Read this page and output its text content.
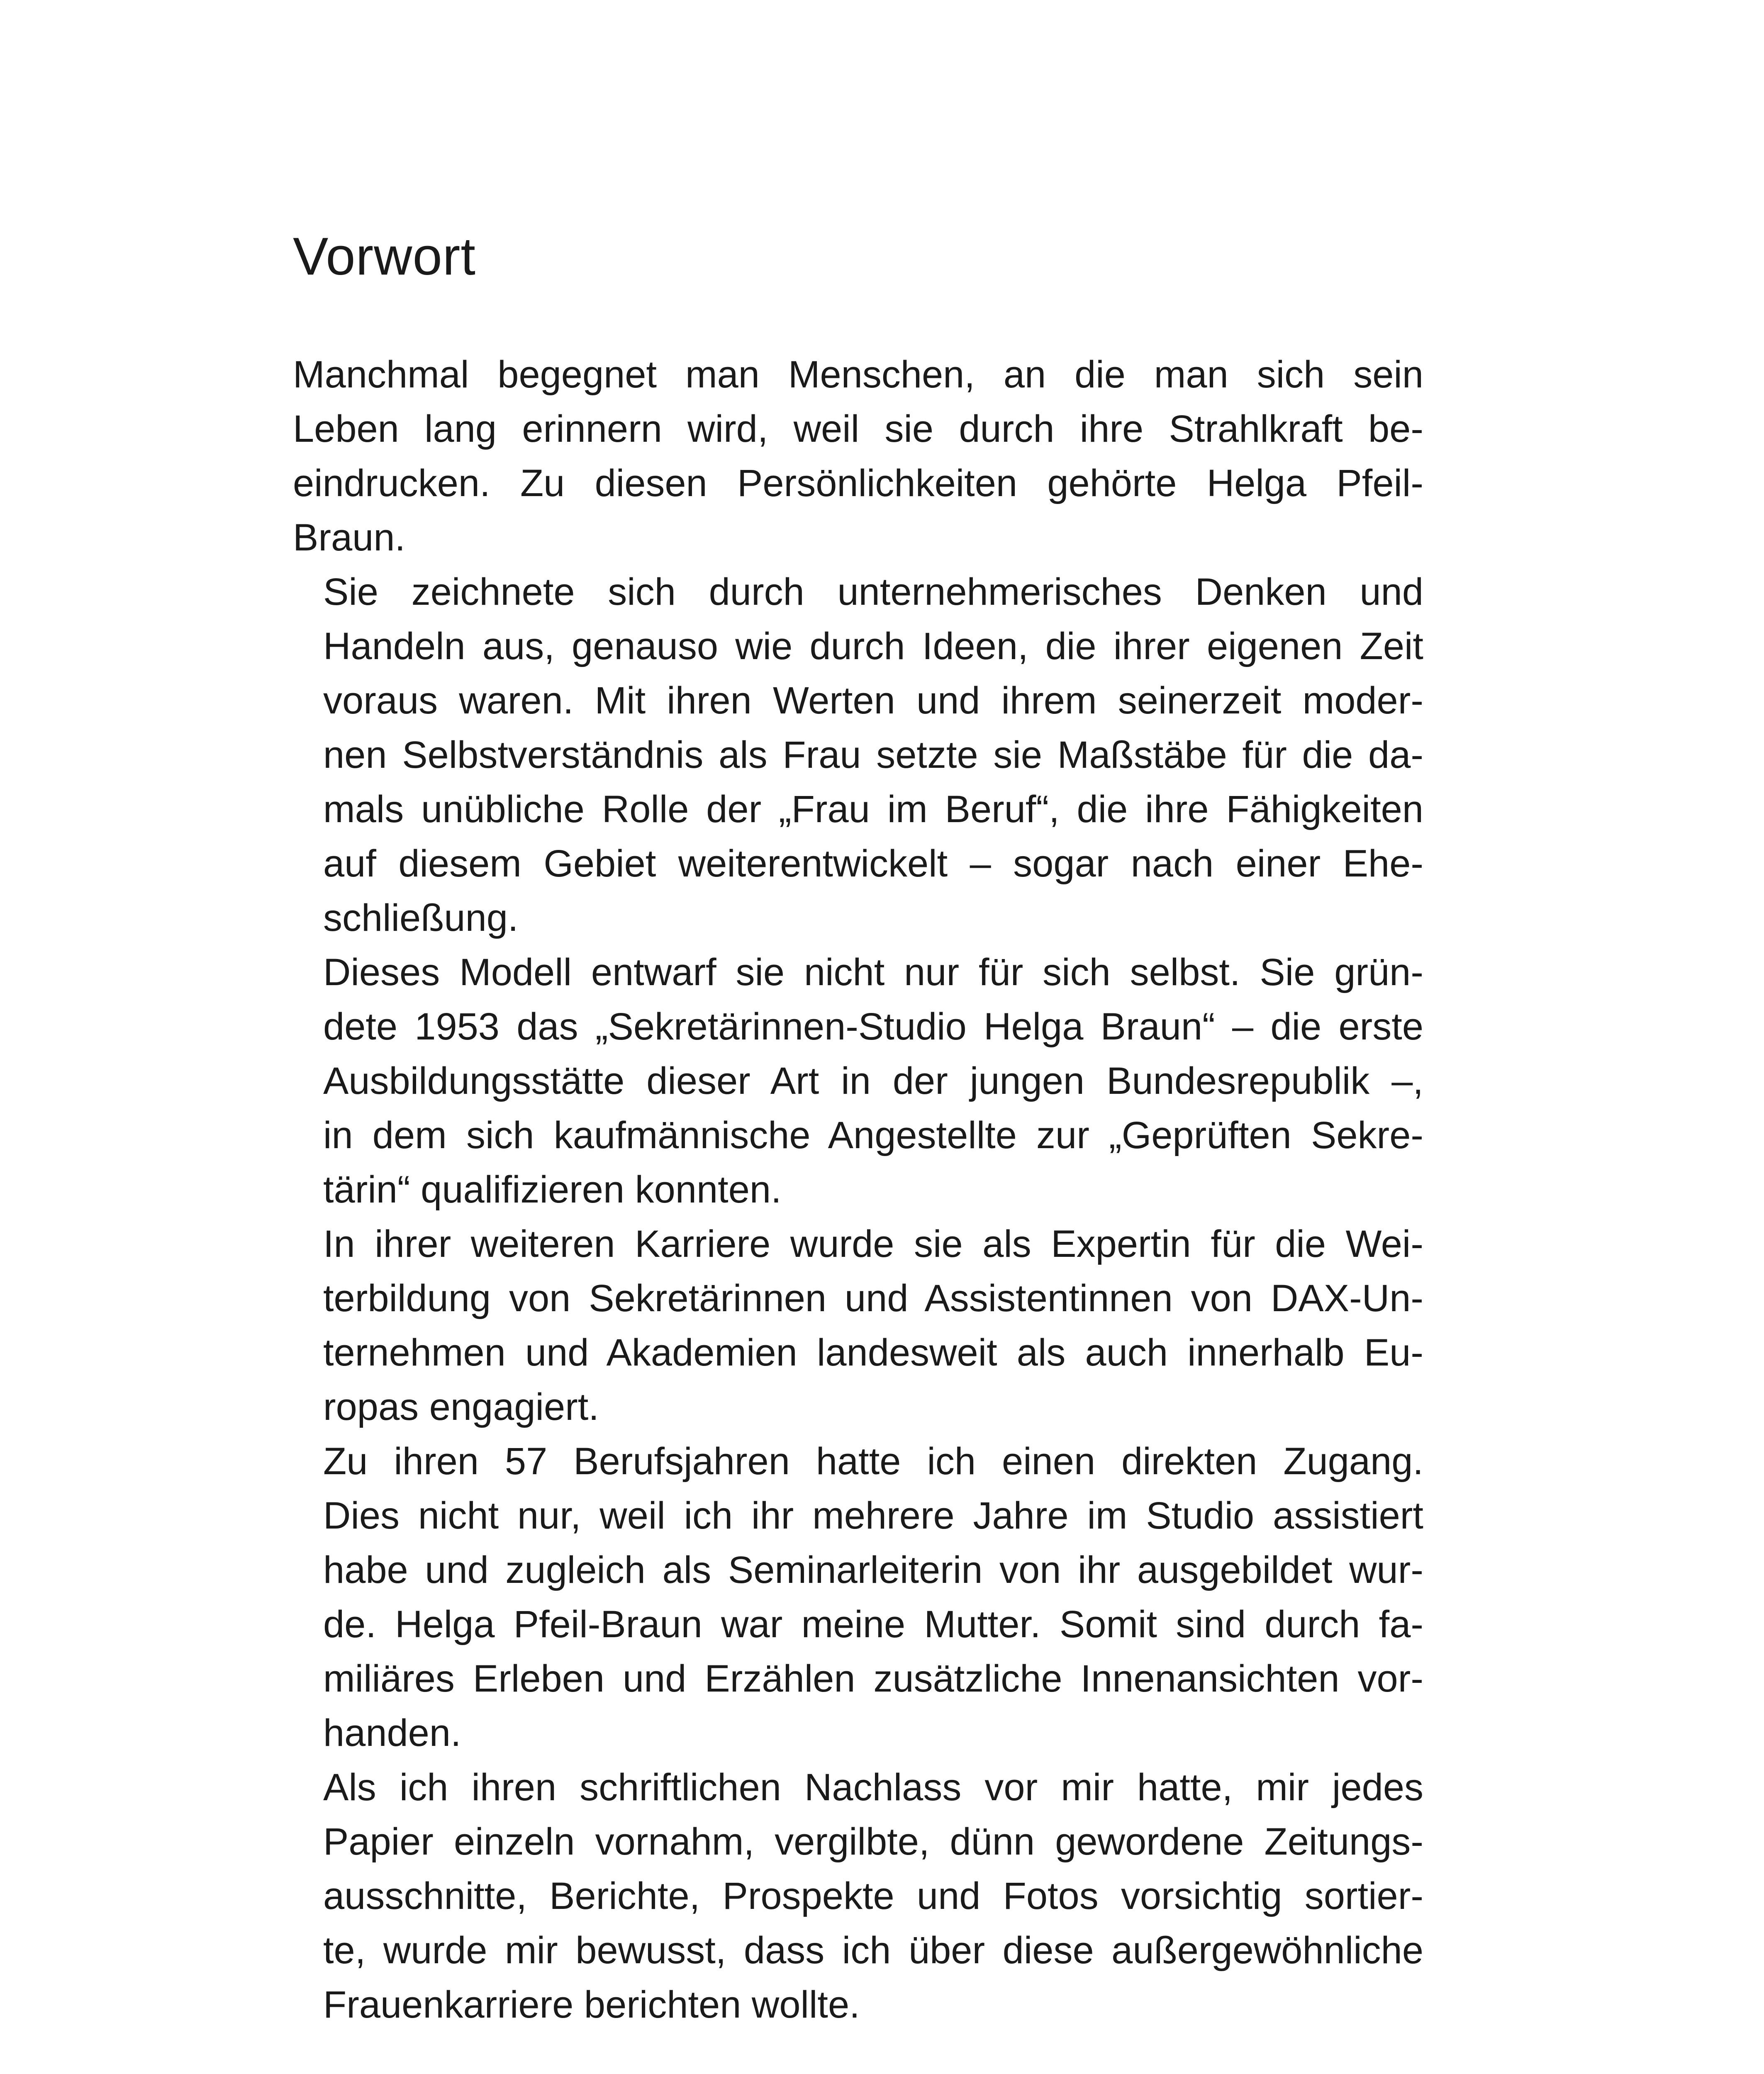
Vorwort

Manchmal begegnet man Menschen, an die man sich sein
Leben lang erinnern wird, weil sie durch ihre Strahlkraft be-
eindrucken. Zu diesen Persönlichkeiten gehörte Helga Pfeil-
Braun.

Sie zeichnete sich durch unternehmerisches Denken und
Handeln aus, genauso wie durch Ideen, die ihrer eigenen Zeit
voraus waren. Mit ihren Werten und ihrem seinerzeit moder-
nen Selbstverständnis als Frau setzte sie Maßstäbe für die da-
mals unübliche Rolle der „Frau im Beruf“, die ihre Fähigkeiten
auf diesem Gebiet weiterentwickelt – sogar nach einer Ehe-
schließung.

Dieses Modell entwarf sie nicht nur für sich selbst. Sie grün-
dete 1953 das „Sekretärinnen-Studio Helga Braun“ – die erste
Ausbildungsstätte dieser Art in der jungen Bundesrepublik –,
in dem sich kaufmännische Angestellte zur „Geprüften Sekre-
tärin“ qualifizieren konnten.

In ihrer weiteren Karriere wurde sie als Expertin für die Wei-
terbildung von Sekretärinnen und Assistentinnen von DAX-Un-
ternehmen und Akademien landesweit als auch innerhalb Eu-
ropas engagiert.

Zu ihren 57 Berufsjahren hatte ich einen direkten Zugang.
Dies nicht nur, weil ich ihr mehrere Jahre im Studio assistiert
habe und zugleich als Seminarleiterin von ihr ausgebildet wur-
de. Helga Pfeil-Braun war meine Mutter. Somit sind durch fa-
miliäres Erleben und Erzählen zusätzliche Innenansichten vor-
handen.

Als ich ihren schriftlichen Nachlass vor mir hatte, mir jedes
Papier einzeln vornahm, vergilbte, dünn gewordene Zeitungs-
ausschnitte, Berichte, Prospekte und Fotos vorsichtig sortier-
te, wurde mir bewusst, dass ich über diese außergewöhnliche
Frauenkarriere berichten wollte.
